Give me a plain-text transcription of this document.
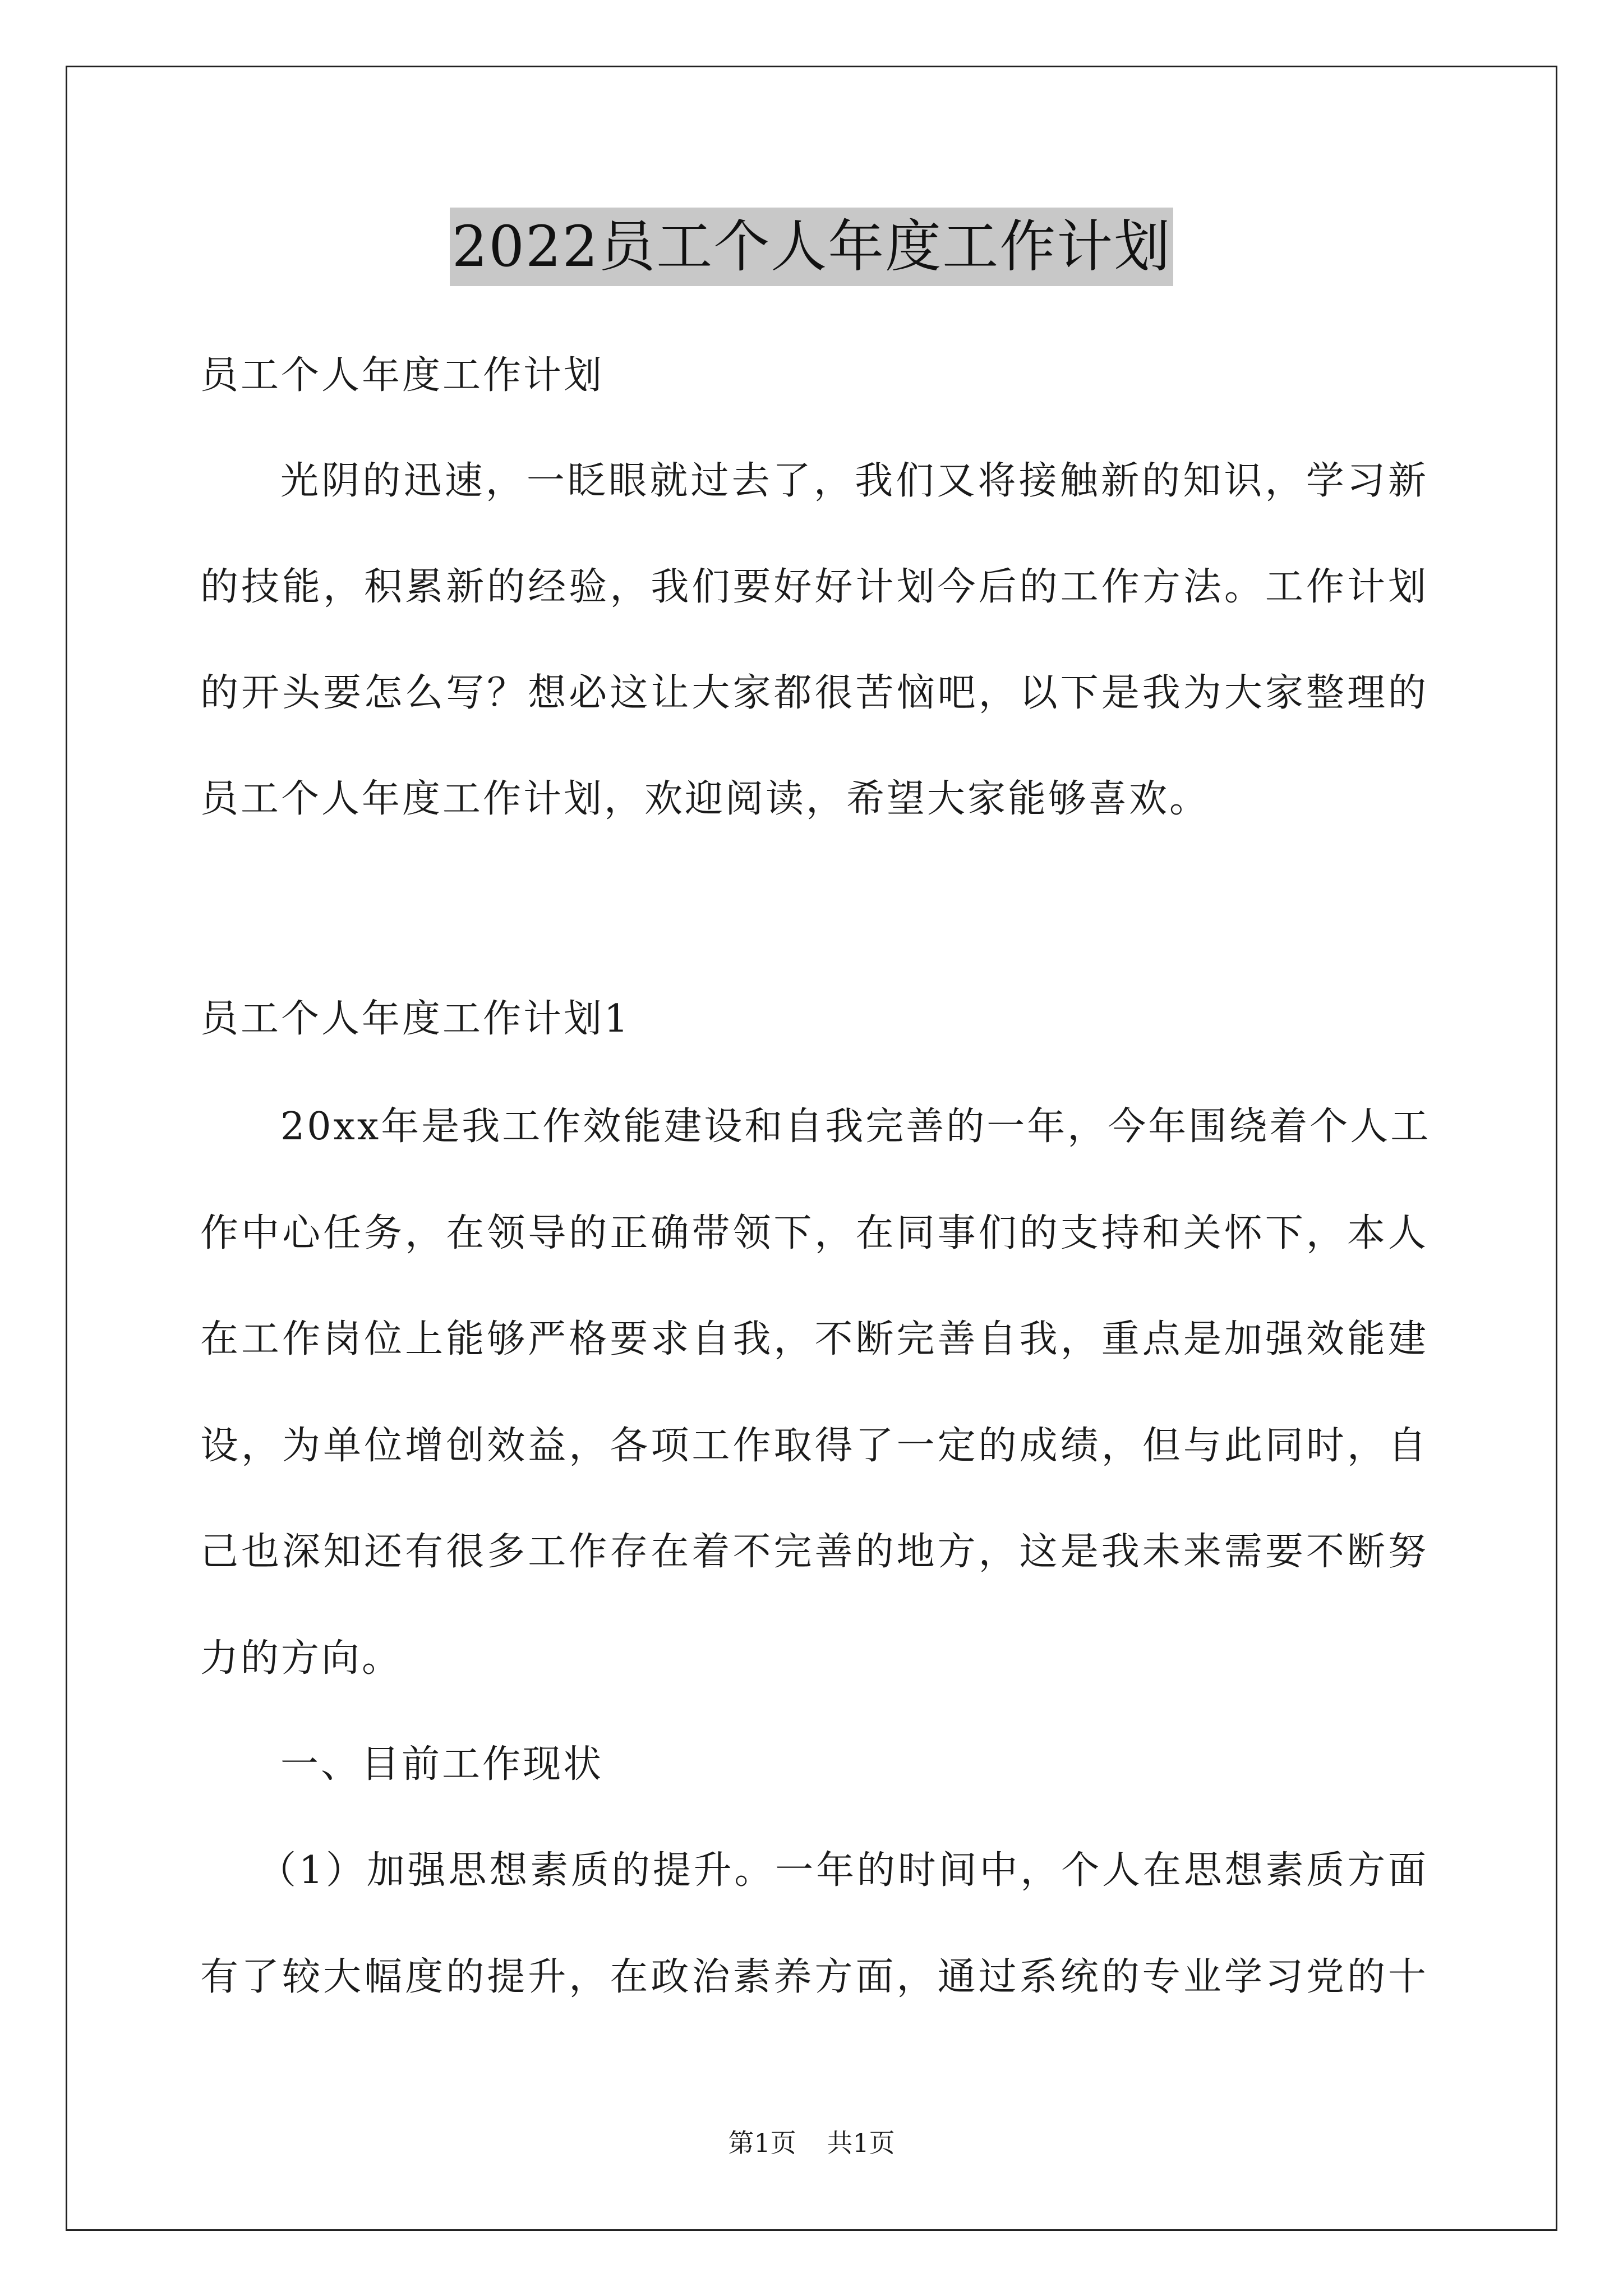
2022员工个人年度工作计划
员工个人年度工作计划
光阴的迅速，一眨眼就过去了，我们又将接触新的知识，学习新
的技能，积累新的经验，我们要好好计划今后的工作方法。工作计划
的开头要怎么写？想必这让大家都很苦恼吧，以下是我为大家整理的
员工个人年度工作计划，欢迎阅读，希望大家能够喜欢。
员工个人年度工作计划1
20xx年是我工作效能建设和自我完善的一年，今年围绕着个人工
作中心任务，在领导的正确带领下，在同事们的支持和关怀下，本人
在工作岗位上能够严格要求自我，不断完善自我，重点是加强效能建
设，为单位增创效益，各项工作取得了一定的成绩，但与此同时，自
己也深知还有很多工作存在着不完善的地方，这是我未来需要不断努
力的方向。
一、目前工作现状
（1）加强思想素质的提升。一年的时间中，个人在思想素质方面
有了较大幅度的提升，在政治素养方面，通过系统的专业学习党的十
第1页 共1页
